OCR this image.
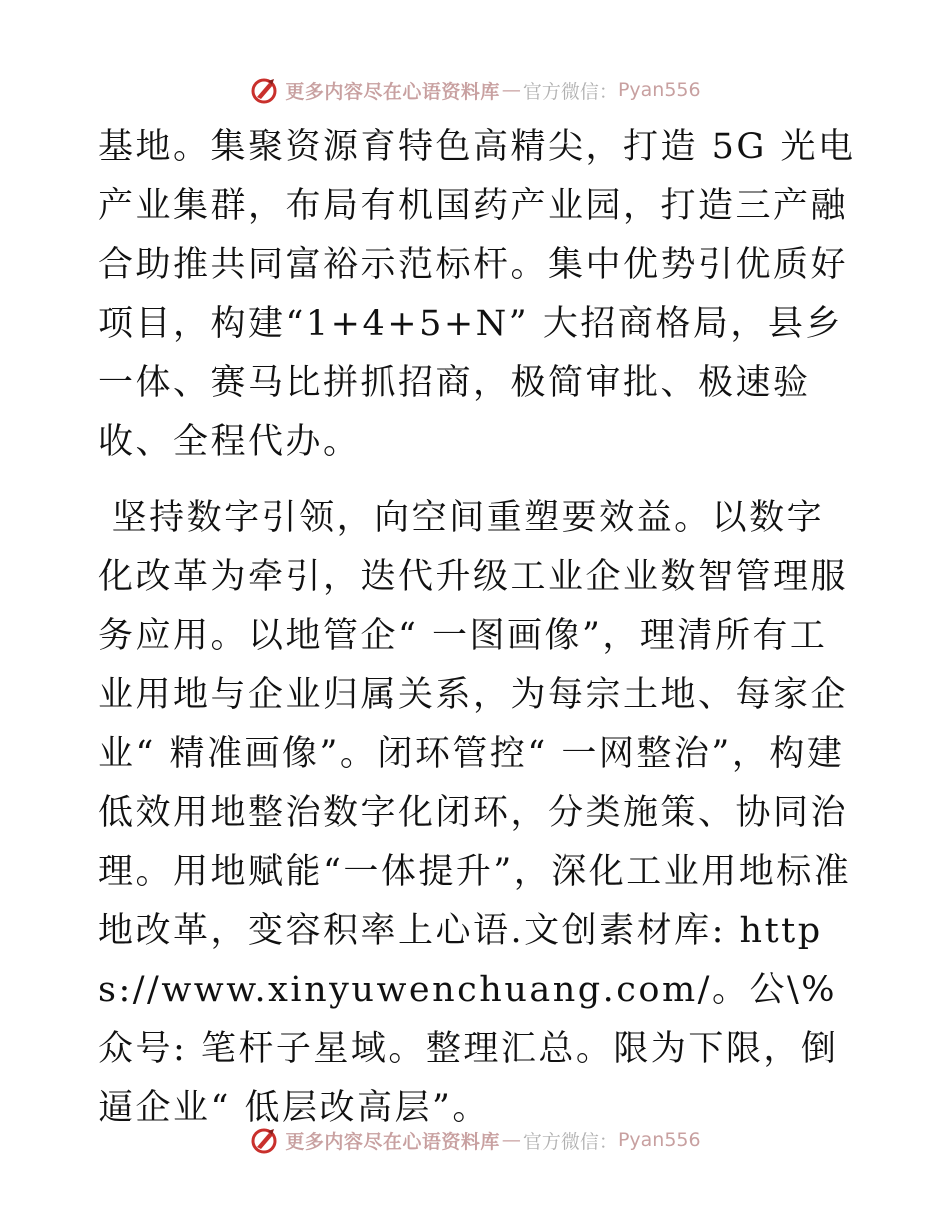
更多内容尽在心语资料库 — 官方微信： Pyan556

基地。集聚资源育特色高精尖，打造 5G 光电产业集群，布局有机国药产业园，打造三产融合助推共同富裕示范标杆。集中优势引优质好项目，构建“1+4+5+N” 大招商格局，县乡一体、赛马比拼抓招商，极简审批、极速验收、全程代办。

坚持数字引领，向空间重塑要效益。以数字化改革为牵引，迭代升级工业企业数智管理服务应用。以地管企“ 一图画像”，理清所有工业用地与企业归属关系，为每宗土地、每家企业“ 精准画像”。闭环管控“ 一网整治”，构建低效用地整治数字化闭环，分类施策、协同治理。用地赋能“一体提升”，深化工业用地标准地改革，变容积率上心语.文创素材库: https://www.xinyuwenchuang.com/。公\%众号: 笔杆子星域。整理汇总。限为下限，倒逼企业“ 低层改高层”。

更多内容尽在心语资料库 — 官方微信： Pyan556
